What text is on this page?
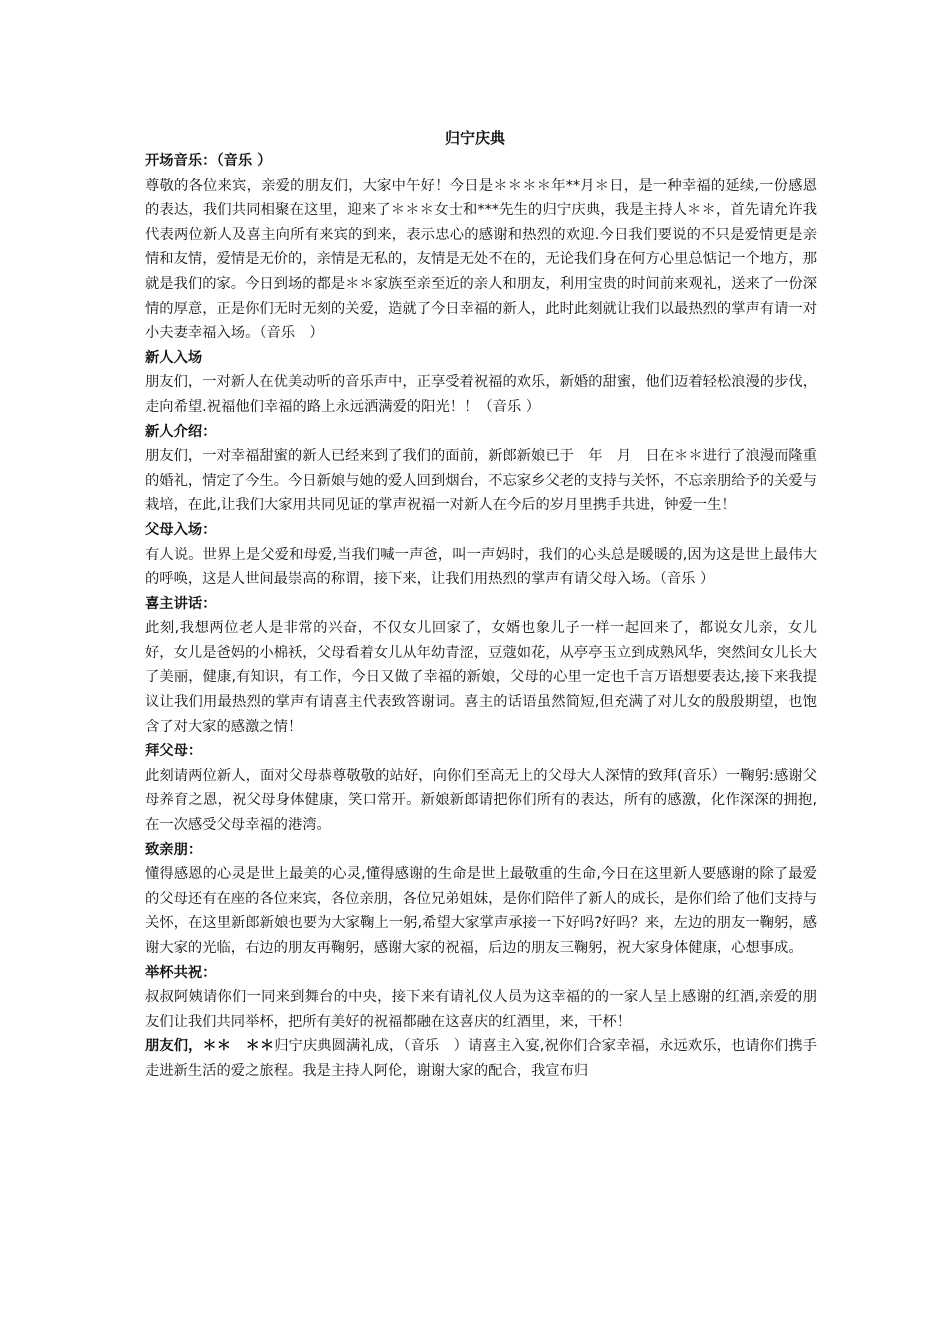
归宁庆典

开场音乐：（音乐 ）

尊敬的各位来宾，亲爱的朋友们，大家中午好！今日是＊＊＊＊年**月＊日，是一种幸福的延续,一份感恩的表达，我们共同相聚在这里，迎来了＊＊＊女士和***先生的归宁庆典，我是主持人＊＊，首先请允许我代表两位新人及喜主向所有来宾的到来，表示忠心的感谢和热烈的欢迎.今日我们要说的不只是爱情更是亲情和友情，爱情是无价的，亲情是无私的，友情是无处不在的，无论我们身在何方心里总惦记一个地方，那就是我们的家。今日到场的都是＊＊家族至亲至近的亲人和朋友，利用宝贵的时间前来观礼，送来了一份深情的厚意，正是你们无时无刻的关爱，造就了今日幸福的新人，此时此刻就让我们以最热烈的掌声有请一对小夫妻幸福入场。（音乐　）

新人入场

朋友们，一对新人在优美动听的音乐声中，正享受着祝福的欢乐，新婚的甜蜜，他们迈着轻松浪漫的步伐，走向希望.祝福他们幸福的路上永远洒满爱的阳光！！（音乐 ）

新人介绍：

朋友们，一对幸福甜蜜的新人已经来到了我们的面前，新郎新娘已于　年　月　日在＊＊进行了浪漫而隆重的婚礼，情定了今生。今日新娘与她的爱人回到烟台，不忘家乡父老的支持与关怀，不忘亲朋给予的关爱与栽培，在此,让我们大家用共同见证的掌声祝福一对新人在今后的岁月里携手共进，钟爱一生！

父母入场：

有人说。世界上是父爱和母爱,当我们喊一声爸，叫一声妈时，我们的心头总是暖暖的,因为这是世上最伟大的呼唤，这是人世间最崇高的称谓，接下来，让我们用热烈的掌声有请父母入场。（音乐 ）

喜主讲话：

此刻,我想两位老人是非常的兴奋，不仅女儿回家了，女婿也象儿子一样一起回来了，都说女儿亲，女儿好，女儿是爸妈的小棉袄，父母看着女儿从年幼青涩，豆蔻如花，从亭亭玉立到成熟风华，突然间女儿长大了美丽，健康,有知识，有工作，今日又做了幸福的新娘，父母的心里一定也千言万语想要表达,接下来我提议让我们用最热烈的掌声有请喜主代表致答谢词。喜主的话语虽然简短,但充满了对儿女的殷殷期望，也饱含了对大家的感激之情！

拜父母：

此刻请两位新人，面对父母恭尊敬敬的站好，向你们至高无上的父母大人深情的致拜(音乐）一鞠躬:感谢父母养育之恩，祝父母身体健康，笑口常开。新娘新郎请把你们所有的表达，所有的感激，化作深深的拥抱,在一次感受父母幸福的港湾。

致亲朋：

懂得感恩的心灵是世上最美的心灵,懂得感谢的生命是世上最敬重的生命,今日在这里新人要感谢的除了最爱的父母还有在座的各位来宾，各位亲朋，各位兄弟姐妹，是你们陪伴了新人的成长，是你们给了他们支持与关怀，在这里新郎新娘也要为大家鞠上一躬,希望大家掌声承接一下好吗?好吗？来，左边的朋友一鞠躬，感谢大家的光临，右边的朋友再鞠躬，感谢大家的祝福，后边的朋友三鞠躬，祝大家身体健康，心想事成。

举杯共祝：

叔叔阿姨请你们一同来到舞台的中央，接下来有请礼仪人员为这幸福的的一家人呈上感谢的红酒,亲爱的朋友们让我们共同举杯，把所有美好的祝福都融在这喜庆的红酒里，来，干杯！

朋友们，＊＊　＊＊归宁庆典圆满礼成，（音乐　）请喜主入宴,祝你们合家幸福，永远欢乐，也请你们携手走进新生活的爱之旅程。我是主持人阿伦，谢谢大家的配合，我宣布归
